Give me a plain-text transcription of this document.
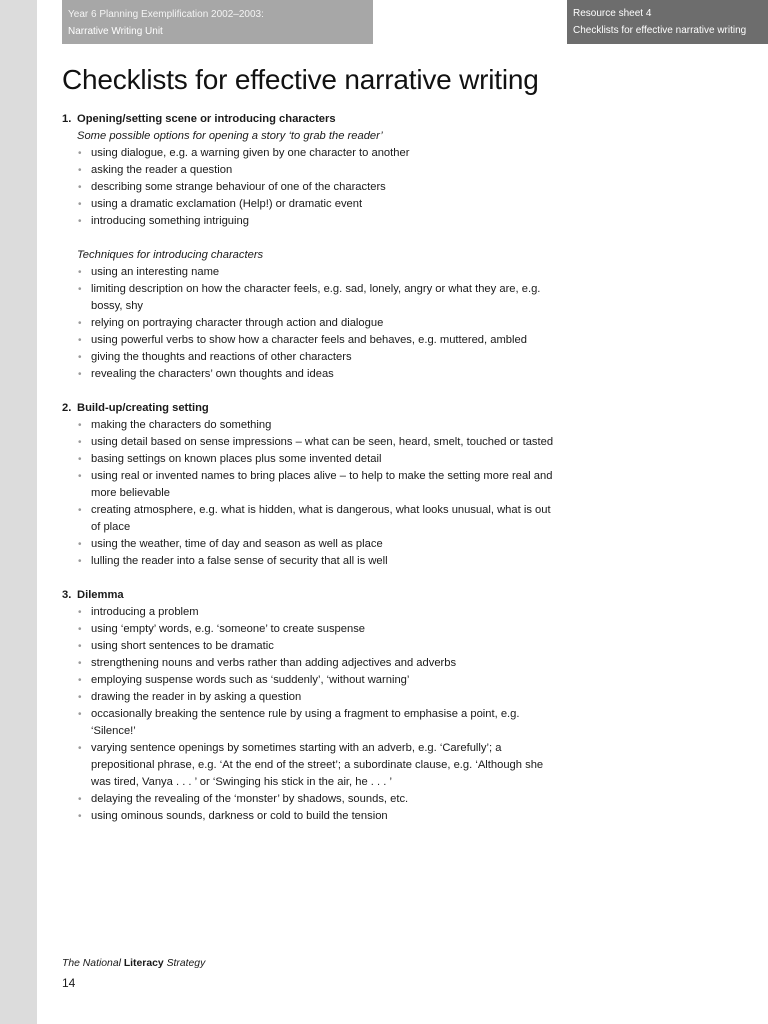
Year 6 Planning Exemplification 2002–2003:
Narrative Writing Unit
Resource sheet 4
Checklists for effective narrative writing
Checklists for effective narrative writing

1. Opening/setting scene or introducing characters

Some possible options for opening a story ‘to grab the reader’

• using dialogue, e.g. a warning given by one character to another
• asking the reader a question
• describing some strange behaviour of one of the characters
• using a dramatic exclamation (Help!) or dramatic event
• introducing something intriguing

Techniques for introducing characters

• using an interesting name
• limiting description on how the character feels, e.g. sad, lonely, angry or what they are, e.g. bossy, shy
• relying on portraying character through action and dialogue
• using powerful verbs to show how a character feels and behaves, e.g. muttered, ambled
• giving the thoughts and reactions of other characters
• revealing the characters’ own thoughts and ideas

2. Build-up/creating setting

• making the characters do something
• using detail based on sense impressions – what can be seen, heard, smelt, touched or tasted
• basing settings on known places plus some invented detail
• using real or invented names to bring places alive – to help to make the setting more real and more believable
• creating atmosphere, e.g. what is hidden, what is dangerous, what looks unusual, what is out of place
• using the weather, time of day and season as well as place
• lulling the reader into a false sense of security that all is well

3. Dilemma

• introducing a problem
• using ‘empty’ words, e.g. ‘someone’ to create suspense
• using short sentences to be dramatic
• strengthening nouns and verbs rather than adding adjectives and adverbs
• employing suspense words such as ‘suddenly’, ‘without warning’
• drawing the reader in by asking a question
• occasionally breaking the sentence rule by using a fragment to emphasise a point, e.g. ‘Silence!’
• varying sentence openings by sometimes starting with an adverb, e.g. ‘Carefully’; a prepositional phrase, e.g. ‘At the end of the street’; a subordinate clause, e.g. ‘Although she was tired, Vanya . . . ’ or ‘Swinging his stick in the air, he . . . ’
• delaying the revealing of the ‘monster’ by shadows, sounds, etc.
• using ominous sounds, darkness or cold to build the tension
The National Literacy Strategy
14
